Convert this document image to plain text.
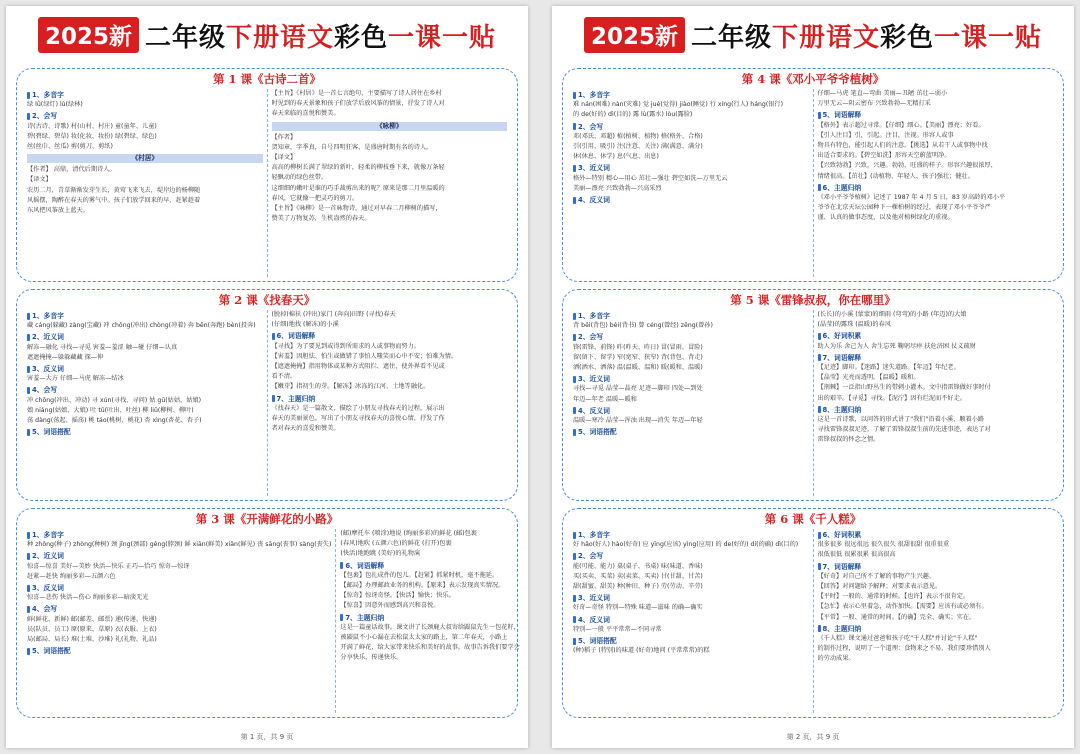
2025新 二年级下册语文彩色一课一贴
第 1 课《古诗二首》
1、多音字
绿 lǜ(绿灯) lù(绿林)
2、会写
诗(古诗、诗歌) 村(山村、村庄) 童(童年、儿童)
碧(碧绿、碧草) 妆(化妆、妆扮) 绿(碧绿、绿色)
丝(丝巾、丝瓜) 剪(剪刀、剪纸)
《村居》
【作者】 高鼎，清代后期诗人。
【译文】
农历二月，青草渐渐发芽生长，黄莺飞来飞去，堤岸边的杨柳随
风摇摆，陶醉在春天的雾气中。孩子们放学回来的早，赶紧趁着
东风把风筝放上蓝天。
【主旨】《村居》是一首七言绝句，主要描写了诗人居住在乡村
时见到的春天景象和孩子们放学后放风筝的情景，抒发了诗人对
春天来临的喜悦和赞美。
《咏柳》
【作者】
贺知章，字季真，自号四明狂客，是盛唐时期有名的诗人。
【译文】
高高的柳树长满了翠绿的新叶，轻柔的柳枝垂下来，就像万条轻
轻飘动的绿色丝带。
这细细的嫩叶是谁的巧手裁剪出来的呢？原来是那二月里温暖的
春风，它就像一把灵巧的剪刀。
【主旨】《咏柳》是一首咏物诗，通过对早春二月柳树的描写，
赞美了万物复苏，生机盎然的春天。
第 2 课《找春天》
1、多音字
藏 cáng(躲藏) zàng(宝藏) 冲 chōng(冲出) chòng(冲着) 奔 bēn(奔跑) bèn(投奔)
2、近义词
解冻—融化 寻找—寻觅 害羞—羞涩 触—碰 仔细—认真
遮遮掩掩—躲躲藏藏 探—伸
3、反义词
害羞—大方 仔细—马虎 解冻—结冰
4、会写
冲 chōng(冲出、冲动) 寻 xún(寻找、寻问) 姑 gū(姑姑、姑娘)
娘 niáng(姑娘、大娘) 吐 tǔ(吐出、吐丝) 柳 liǔ(柳树、柳叶)
荡 dàng(荡起、摇荡) 桃 táo(桃树、桃花) 杏 xìng(杏花、杏子)
5、词语搭配
(脱掉)棉袄 (冲出)家门 (奔向)田野 (寻找)春天
(仔细)地找 (解冻)的小溪
6、词语解释
【寻找】为了要见到或得到所需求的人或事物而努力。
【害羞】因胆怯、怕生或做错了事怕人嗤笑而心中不安；怕难为情。
【遮遮掩掩】指用物体或某种方式阻拦、遮住，使外界看不见或
看不清。
【嫩芽】指初生的芽。【解冻】冰冻的江河、土地等融化。
7、主题归纳
《找春天》是一篇散文，描绘了小朋友寻找春天的过程，展示出
春天的美丽景色。写出了小朋友寻找春天的喜悦心情，抒发了作
者对春天的喜爱和赞美。
第 3 课《开满鲜花的小路》
1、多音字
种 zhǒng(种子) zhòng(种树) 颈 jǐng(颈部) gěng(脖颈) 鲜 xiān(鲜美) xiǎn(鲜见) 丧 sāng(丧事) sàng(丧失)
2、近义词
惊喜—惊喜 美好—美妙 快活—快乐 正巧—恰巧 惊奇—惊讶
赶紧—赶快 绚丽多彩—五颜六色
3、反义词
惊喜—悲伤 快活—伤心 绚丽多彩—暗淡无光
4、会写
鲜(鲜花、新鲜) 邮(邮差、邮票) 递(传递、快递)
员(队员、员工) 原(原来、草原) 衣(衣服、上衣)
局(邮局、局长) 堆(土堆、沙堆) 礼(礼物、礼品)
5、词语搭配
(邮)摩托车 (喷涂)地说 (绚丽多彩)的鲜花 (邮)包裹
(春风)地吹 (五颜六色)的鲜花 (打开)包裹
(快活)地跑跳 (美好)的礼物演
6、词语解释
【包裹】包扎成件的包儿。【赶紧】抓紧时机，毫不拖延。
【邮局】办理邮政业务的机构。【原来】表示发现真实情况。
【惊奇】惊讶奇怪。【快活】愉快；快乐。
【惊喜】因意外而感到高兴和喜悦。
7、主题归纳
这是一篇童话故事。课文讲了长颈鹿大叔寄给鼹鼠先生一包花籽，
被鼹鼠不小心漏在去松鼠太太家的路上，第二年春天，小路上
开满了鲜花，给大家带来快乐和美好的故事。故事告诉我们要学会
分享快乐，传递快乐。
第 1 页，共 9 页
2025新 二年级下册语文彩色一课一贴
第 4 课《邓小平爷爷植树》
1、多音字
难 nán(困难) nàn(灾难) 觉 jué(觉得) jiào(睡觉) 行 xíng(行人) háng(银行)
的 de(好的) dì(目的) 露 lù(露水) lòu(露脸)
2、会写
邓(邓氏、邓超) 植(植树、植物) 格(格外、合格)
引(引用、吸引) 注(注意、关注) 满(满意、满分)
休(休息、休学) 息(气息、出息)
3、近义词
格外—特别 精心—用心 茁壮—强壮 碧空如洗—万里无云
美丽—漂亮 兴致勃勃—兴高采烈
4、反义词
仔细—马虎 笔直—弯曲 美丽—丑陋 茁壮—弱小
万里无云—阴云密布 兴致勃勃—无精打采
5、词语解释
【格外】表示超过寻常。【仔细】细心。【美丽】漂亮；好看。
【引人注目】引，引起。注目，注视。形容人或事
物具有特色，能引起人们的注意。【挑选】从若干人或事物中找
出适合要求的。【碧空如洗】形容天空蔚蓝明净。
【兴致勃勃】兴致，兴趣。勃勃，旺盛的样子。形容兴趣很浓厚，
情绪很高。【茁壮】(动植物、年轻人、孩子)强壮；健壮。
6、主题归纳
《邓小平爷爷植树》记述了 1987 年 4 月 5 日，83 岁高龄的邓小平
爷爷在北京天坛公园种下一棵柏树的经过，表现了邓小平爷爷严
谨、认真的做事态度，以及他对植树绿化的重视。
第 5 课《雷锋叔叔，你在哪里》
1、多音字
背 bēi(背包) bèi(背书) 曾 céng(曾经) zēng(曾孙)
2、会写
锋(雷锋、前锋) 昨(昨天、昨日) 冒(冒雨、冒险)
留(留下、留学) 窄(宽窄、狭窄) 背(背包、背走)
洒(洒水、洒落) 温(温暖、温和) 暖(暖和、温暖)
3、近义词
寻找—寻觅 晶莹—晶亮 足迹—脚印 四处—到处
年迈—年老 温暖—暖和
4、反义词
温暖—寒冷 晶莹—浑浊 出现—消失 年迈—年轻
5、词语搭配
(长长)的小溪 (蒙蒙)的细雨 (弯弯)的小路 (年迈)的大娘
(晶莹)的露珠 (温暖)的春风
6、好词积累
助人为乐 舍己为人 舍生忘死 鞠躬尽瘁 扶危济困 仗义疏财
7、词语解释
【足迹】脚印。【迷路】迷失道路。【年迈】年纪老。
【晶莹】光亮而透明。【温暖】暖和。
【荆棘】一泛指山野丛生的带刺小灌木。文中指雷锋做好事时付
出的艰辛。【寻觅】寻找。【泥泞】因有烂泥而不好走。
8、主题归纳
这是一首诗歌，以问答的形式讲了"我们"沿着小溪、顺着小路
寻找雷锋叔叔足迹，了解了雷锋叔叔生前的先进事迹，表达了对
雷锋叔叔的怀念之情。
第 6 课《千人糕》
1、多音字
好 hǎo(好人) hào(好奇) 应 yīng(应该) yìng(应用) 的 de(好的) dí(的确) dì(目的)
2、会写
能(可能、能力) 桌(桌子、书桌) 味(味道、香味)
买(买卖、买菜) 卖(卖菜、买卖) 甘(甘甜、甘苦)
甜(甜蜜、甜美) 种(种田、种子) 劳(劳动、辛劳)
3、近义词
好奇—奇怪 特别—特殊 味道—滋味 的确—确实
4、反义词
特别—一般 平平常常—不同寻常
5、词语搭配
(种)稻子 (特别)的味道 (好奇)地问 (平常常常)的糕
6、好词积累
很多很多 很远很远 很久很久 很甜很甜 很重很重
很低很低 很累很累 很高很高
7、词语解释
【好奇】对自己所不了解的事物产生兴趣。
【回答】对问题给予解释；对要求表示意见。
【平时】一般的、通常的时候。【也许】表示不很肯定。
【急忙】表示心里着急，动作加快。【需要】应该有或必须有。
【平常】一般、通常的时间。【的确】完全、确实；实在。
8、主题归纳
《千人糕》课文通过爸爸和孩子吃"千人糕"并讨论"千人糕"
的制作过程，说明了一个道理：食物来之不易，我们要珍惜别人
的劳动成果。
第 2 页，共 9 页
